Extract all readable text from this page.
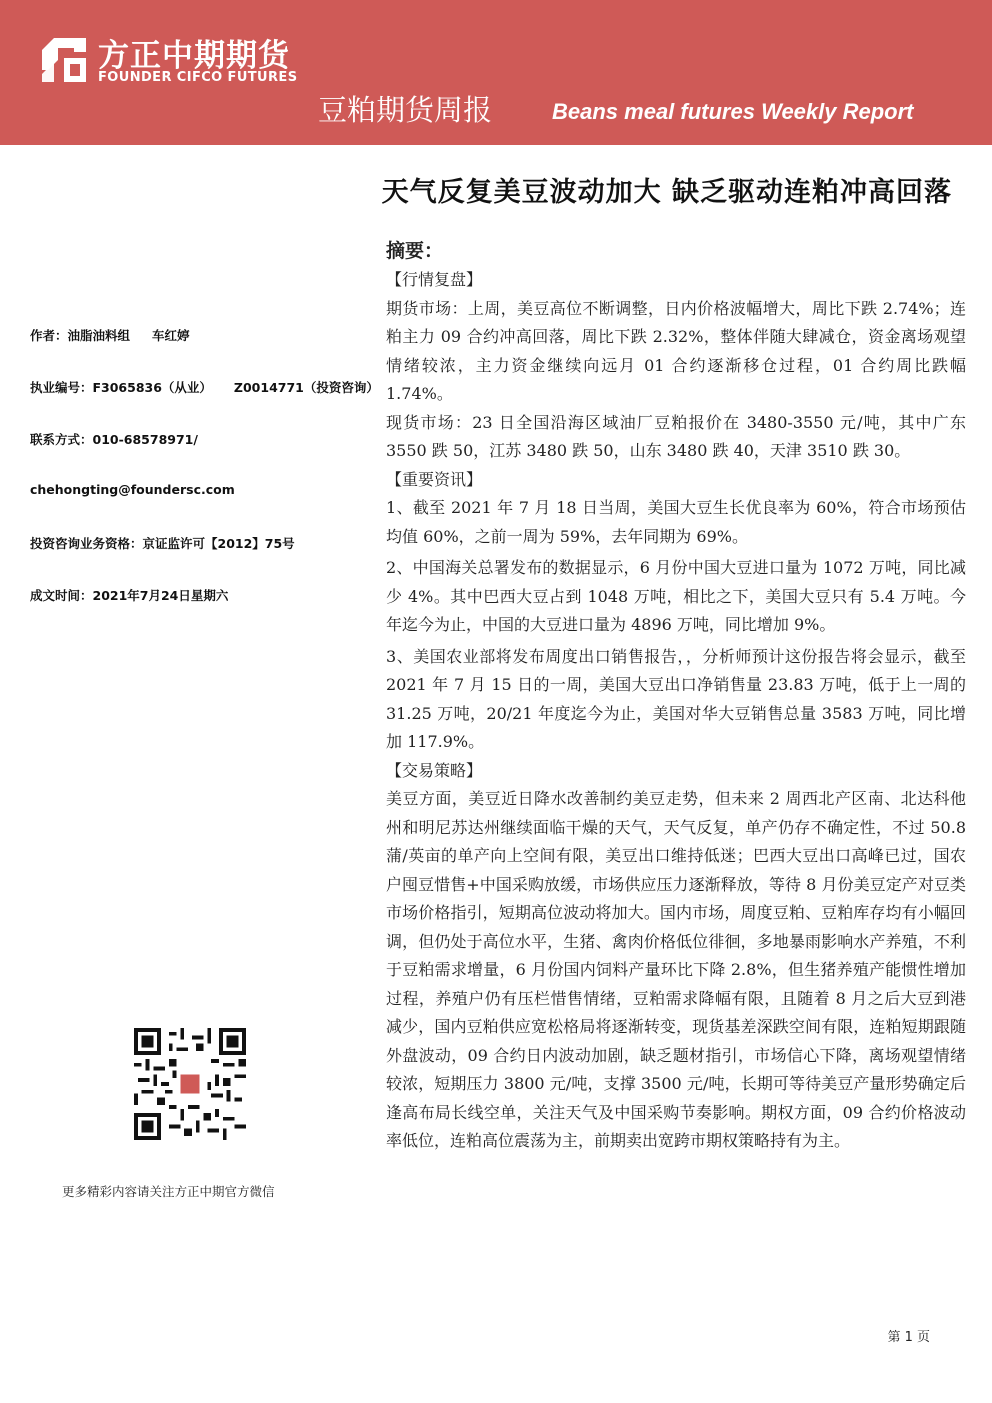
方正中期期货
FOUNDER CIFCO FUTURES
豆粕期货周报	Beans meal futures Weekly Report
天气反复美豆波动加大 缺乏驱动连粕冲高回落
作者：油脂油料组 车红婷
执业编号：F3065836（从业） Z0014771（投资咨询）
联系方式：010-68578971/
chehongting@foundersc.com
投资咨询业务资格：京证监许可【2012】75号
成文时间：2021年7月24日星期六
更多精彩内容请关注方正中期官方微信
摘要：
【行情复盘】

期货市场：上周，美豆高位不断调整，日内价格波幅增大，周比下跌 2.74%；连粕主力 09 合约冲高回落，周比下跌 2.32%，整体伴随大肆减仓，资金离场观望情绪较浓，主力资金继续向远月 01 合约逐渐移仓过程，01 合约周比跌幅 1.74%。

现货市场：23 日全国沿海区域油厂豆粕报价在 3480-3550 元/吨，其中广东 3550 跌 50，江苏 3480 跌 50，山东 3480 跌 40，天津 3510 跌 30。

【重要资讯】

1、截至 2021 年 7 月 18 日当周，美国大豆生长优良率为 60%，符合市场预估均值 60%，之前一周为 59%，去年同期为 69%。

2、中国海关总署发布的数据显示，6 月份中国大豆进口量为 1072 万吨，同比减少 4%。其中巴西大豆占到 1048 万吨，相比之下，美国大豆只有 5.4 万吨。今年迄今为止，中国的大豆进口量为 4896 万吨，同比增加 9%。

3、美国农业部将发布周度出口销售报告，，分析师预计这份报告将会显示，截至 2021 年 7 月 15 日的一周，美国大豆出口净销售量 23.83 万吨，低于上一周的 31.25 万吨，20/21 年度迄今为止，美国对华大豆销售总量 3583 万吨，同比增加 117.9%。

【交易策略】

美豆方面，美豆近日降水改善制约美豆走势，但未来 2 周西北产区南、北达科他州和明尼苏达州继续面临干燥的天气，天气反复，单产仍存不确定性，不过 50.8 蒲/英亩的单产向上空间有限，美豆出口维持低迷；巴西大豆出口高峰已过，国农户囤豆惜售+中国采购放缓，市场供应压力逐渐释放，等待 8 月份美豆定产对豆类市场价格指引，短期高位波动将加大。国内市场，周度豆粕、豆粕库存均有小幅回调，但仍处于高位水平，生猪、禽肉价格低位徘徊，多地暴雨影响水产养殖，不利于豆粕需求增量，6 月份国内饲料产量环比下降 2.8%，但生猪养殖产能惯性增加过程，养殖户仍有压栏惜售情绪，豆粕需求降幅有限，且随着 8 月之后大豆到港减少，国内豆粕供应宽松格局将逐渐转变，现货基差深跌空间有限，连粕短期跟随外盘波动，09 合约日内波动加剧，缺乏题材指引，市场信心下降，离场观望情绪较浓，短期压力 3800 元/吨，支撑 3500 元/吨，长期可等待美豆产量形势确定后逢高布局长线空单，关注天气及中国采购节奏影响。期权方面，09 合约价格波动率低位，连粕高位震荡为主，前期卖出宽跨市期权策略持有为主。

第 1 页
